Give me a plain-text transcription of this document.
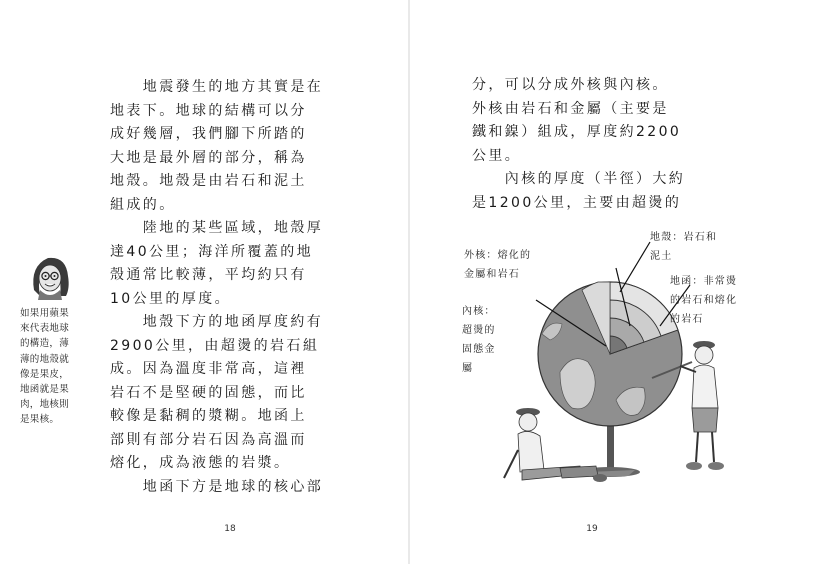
如果用蘋果
來代表地球
的構造，薄
薄的地殼就
像是果皮，
地函就是果
肉，地核則
是果核。
　　地震發生的地方其實是在
地表下。地球的結構可以分
成好幾層，我們腳下所踏的
大地是最外層的部分，稱為
地殼。地殼是由岩石和泥土
組成的。
　　陸地的某些區域，地殼厚
達40公里；海洋所覆蓋的地
殼通常比較薄，平均約只有
10公里的厚度。
　　地殼下方的地函厚度約有
2900公里，由超燙的岩石組
成。因為溫度非常高，這裡
岩石不是堅硬的固態，而比
較像是黏稠的漿糊。地函上
部則有部分岩石因為高溫而
熔化，成為液態的岩漿。
　　地函下方是地球的核心部
18
分，可以分成外核與內核。
外核由岩石和金屬（主要是
鐵和鎳）組成，厚度約2200
公里。
　　內核的厚度（半徑）大約
是1200公里，主要由超燙的
地殼：岩石和
泥土
外核：熔化的
金屬和岩石
地函：非常燙
的岩石和熔化
的岩石
內核：
超燙的
固態金
屬
19
